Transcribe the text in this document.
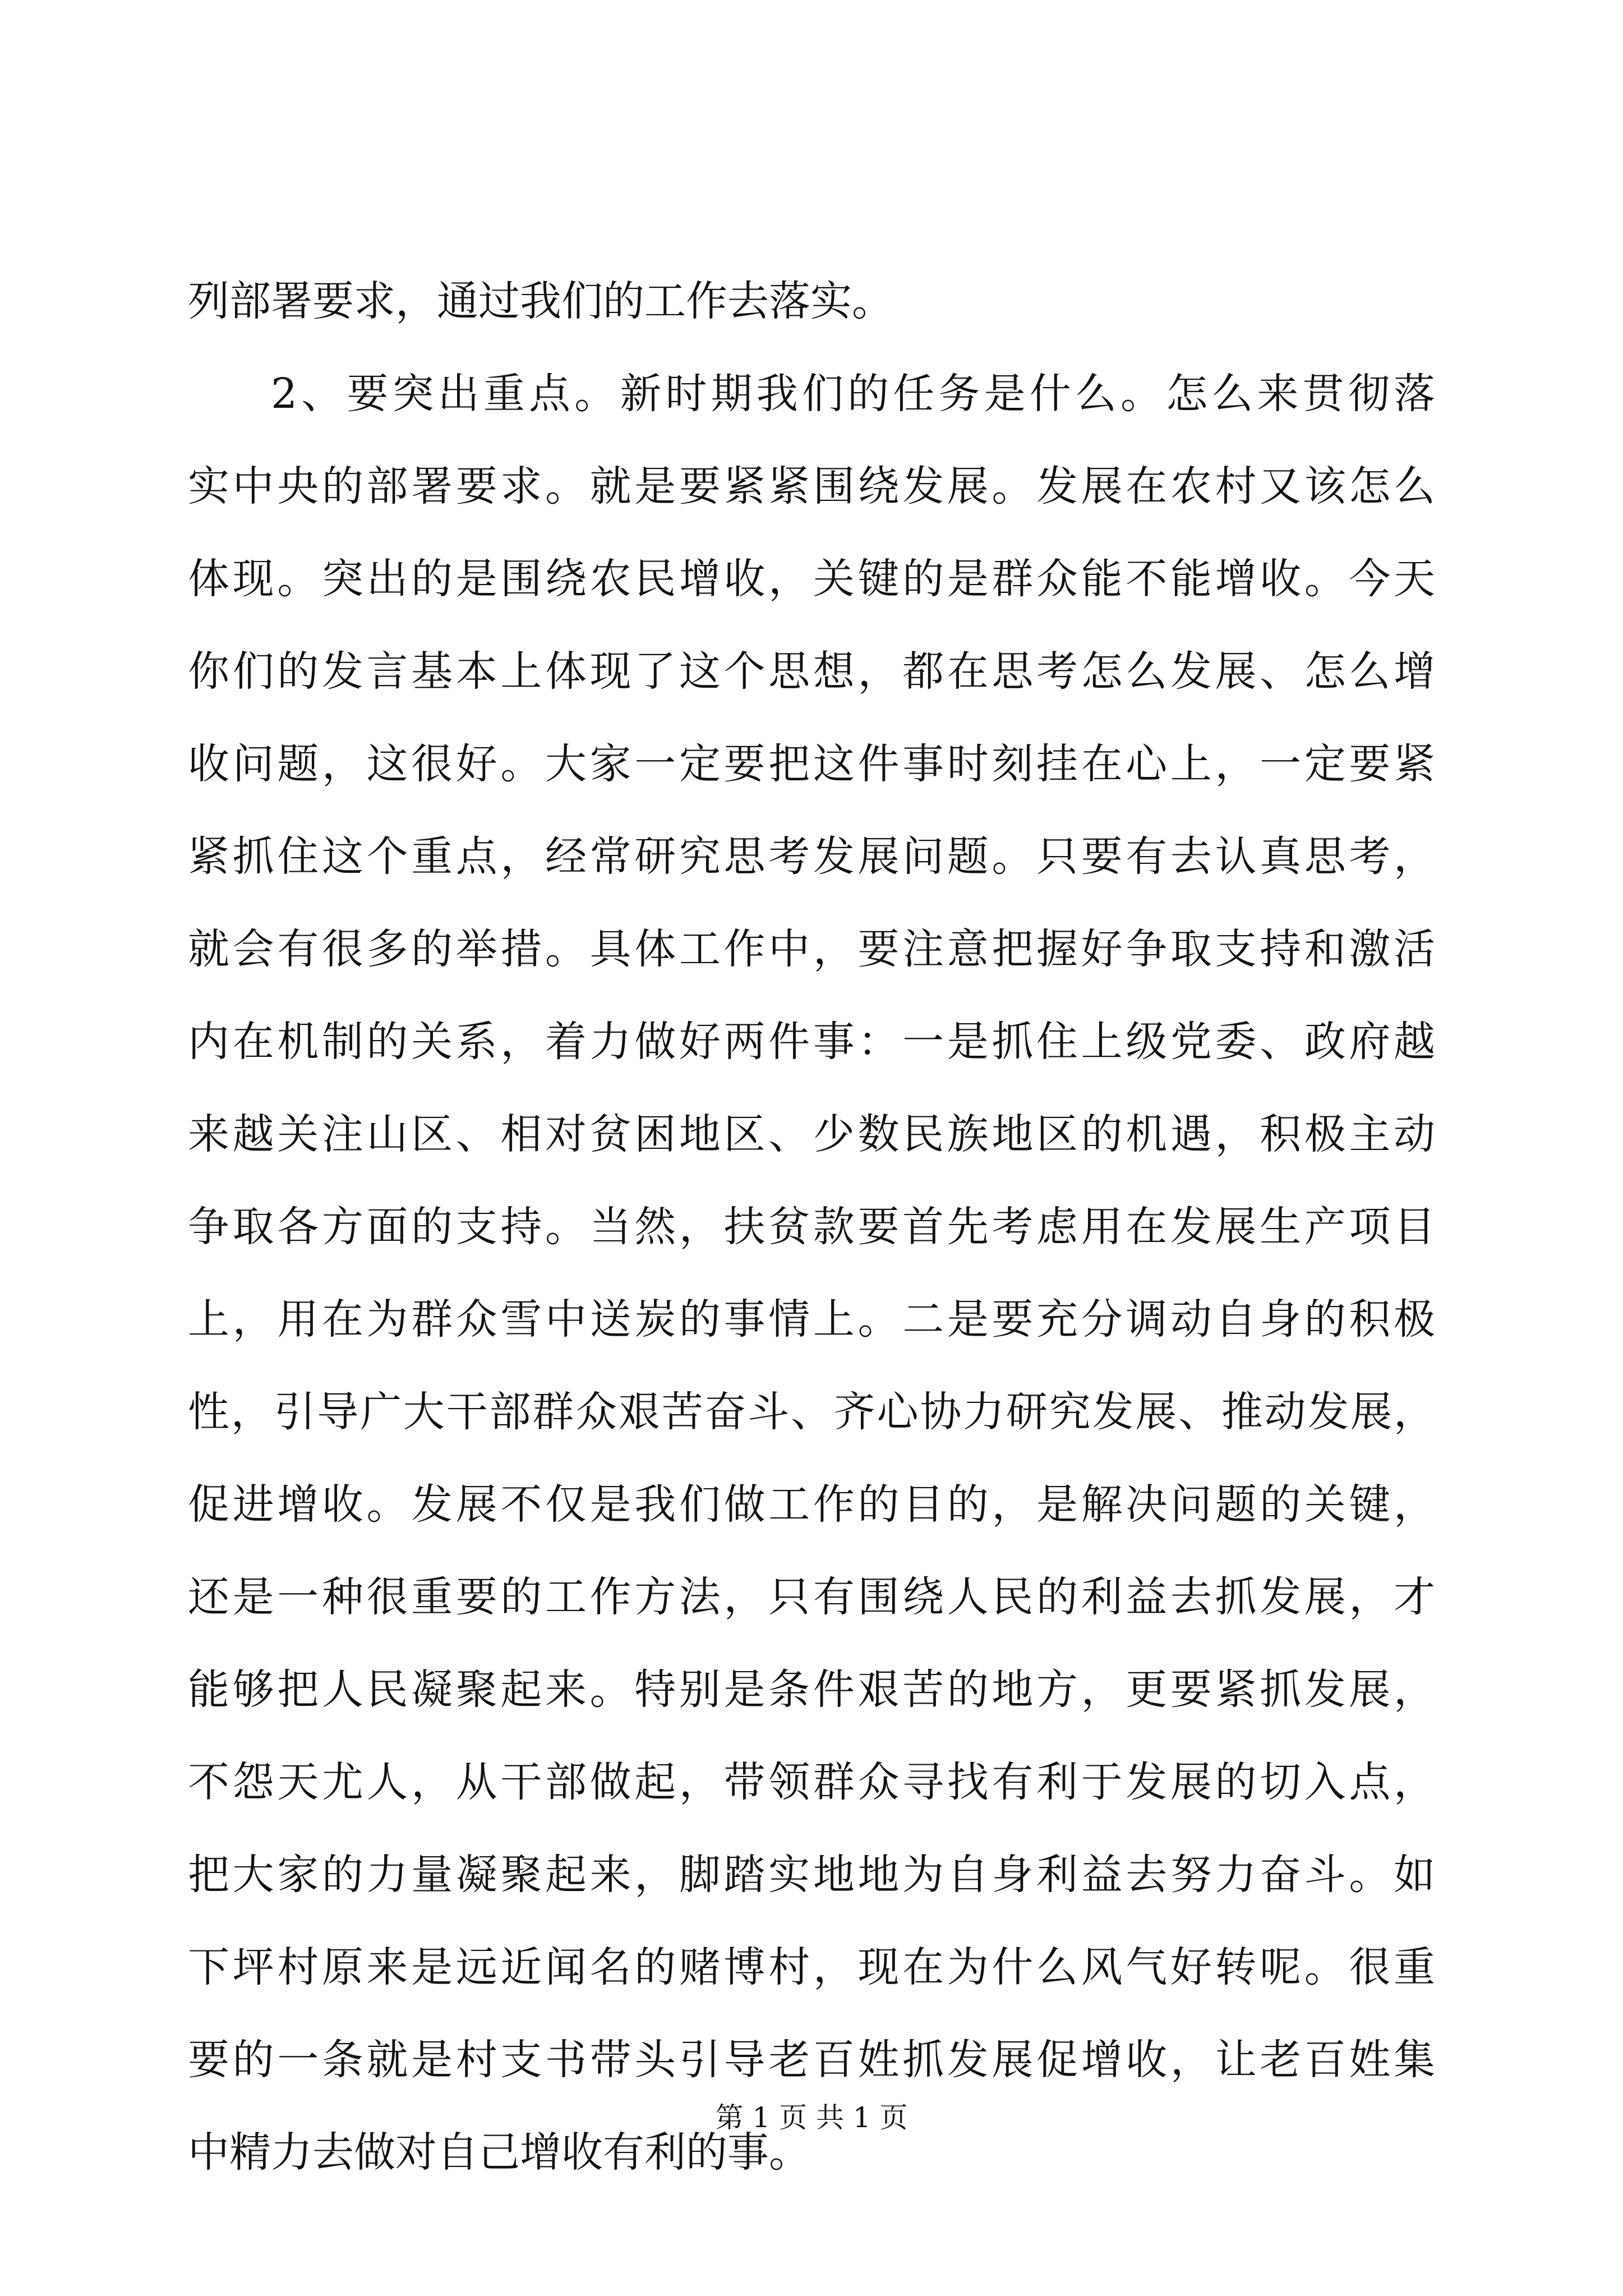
列部署要求，通过我们的工作去落实。
2、要突出重点。新时期我们的任务是什么。怎么来贯彻落
实中央的部署要求。就是要紧紧围绕发展。发展在农村又该怎么
体现。突出的是围绕农民增收，关键的是群众能不能增收。今天
你们的发言基本上体现了这个思想，都在思考怎么发展、怎么增
收问题，这很好。大家一定要把这件事时刻挂在心上，一定要紧
紧抓住这个重点，经常研究思考发展问题。只要有去认真思考，
就会有很多的举措。具体工作中，要注意把握好争取支持和激活
内在机制的关系，着力做好两件事：一是抓住上级党委、政府越
来越关注山区、相对贫困地区、少数民族地区的机遇，积极主动
争取各方面的支持。当然，扶贫款要首先考虑用在发展生产项目
上，用在为群众雪中送炭的事情上。二是要充分调动自身的积极
性，引导广大干部群众艰苦奋斗、齐心协力研究发展、推动发展，
促进增收。发展不仅是我们做工作的目的，是解决问题的关键，
还是一种很重要的工作方法，只有围绕人民的利益去抓发展，才
能够把人民凝聚起来。特别是条件艰苦的地方，更要紧抓发展，
不怨天尤人，从干部做起，带领群众寻找有利于发展的切入点，
把大家的力量凝聚起来，脚踏实地地为自身利益去努力奋斗。如
下坪村原来是远近闻名的赌博村，现在为什么风气好转呢。很重
要的一条就是村支书带头引导老百姓抓发展促增收，让老百姓集
中精力去做对自己增收有利的事。
第 1 页 共 1 页
